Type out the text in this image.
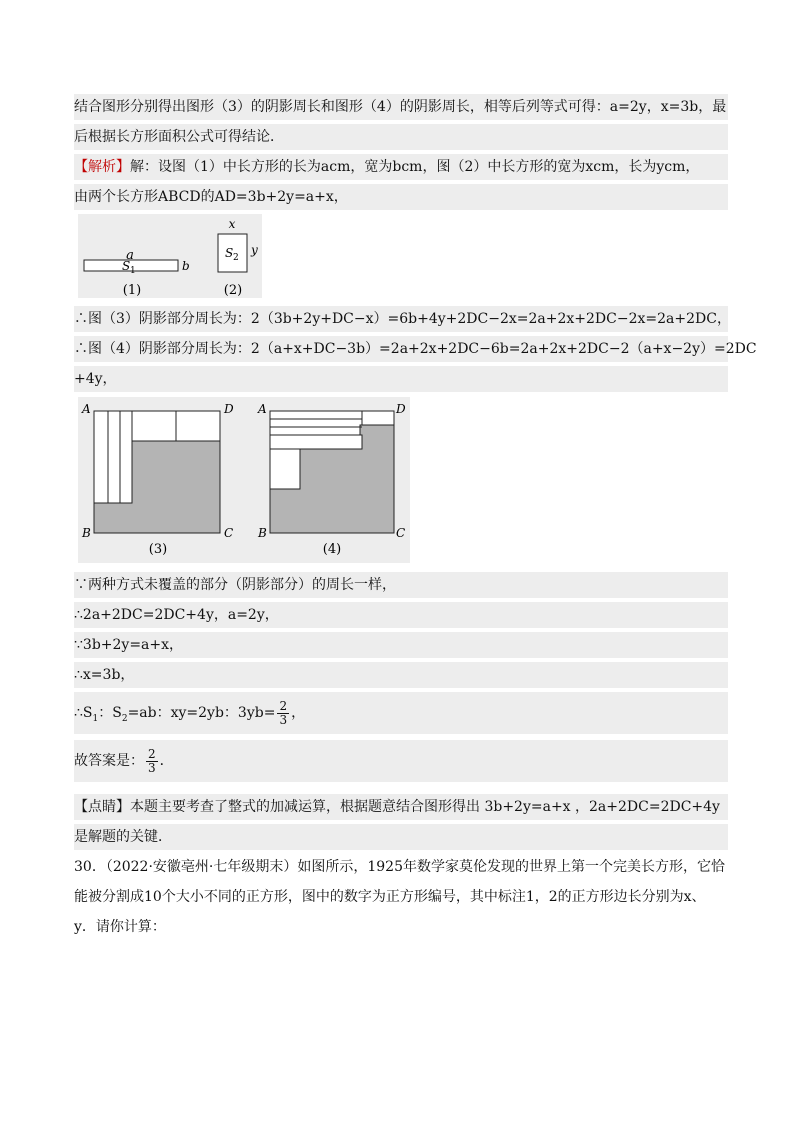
结合图形分别得出图形（3）的阴影周长和图形（4）的阴影周长，相等后列等式可得：a=2y，x=3b，最
后根据长方形面积公式可得结论．
【解析】解：设图（1）中长方形的长为acm，宽为bcm，图（2）中长方形的宽为xcm，长为ycm，
由两个长方形ABCD的AD=3b+2y=a+x，
a
S 1	b
(1)
x
S 2
y
(2)
∴图（3）阴影部分周长为：2（3b+2y+DC−x）=6b+4y+2DC−2x=2a+2x+2DC−2x=2a+2DC，
∴图（4）阴影部分周长为：2（a+x+DC−3b）=2a+2x+2DC−6b=2a+2x+2DC−2（a+x−2y）=2DC
+4y，
A	D
B	C
(3)
A	D
B	C
(4)
∵两种方式未覆盖的部分（阴影部分）的周长一样，
∴2a+2DC=2DC+4y，a=2y，
∵3b+2y=a+x，
∴x=3b，
$\therefore S_1$：$S_2=ab$：xy=2yb：$3yb= \frac{2}{3}$ ，
故答案是： $\frac{2}{3}$ ．
【点睛】本题主要考查了整式的加减运算，根据题意结合图形得出 3b+2y=a+x ，2a+2DC=2DC+4y
是解题的关键．
30．（2022·安徽亳州·七年级期末）如图所示，1925年数学家莫伦发现的世界上第一个完美长方形，它恰
能被分割成10个大小不同的正方形，图中的数字为正方形编号，其中标注1，2的正方形边长分别为x、
y．请你计算：
